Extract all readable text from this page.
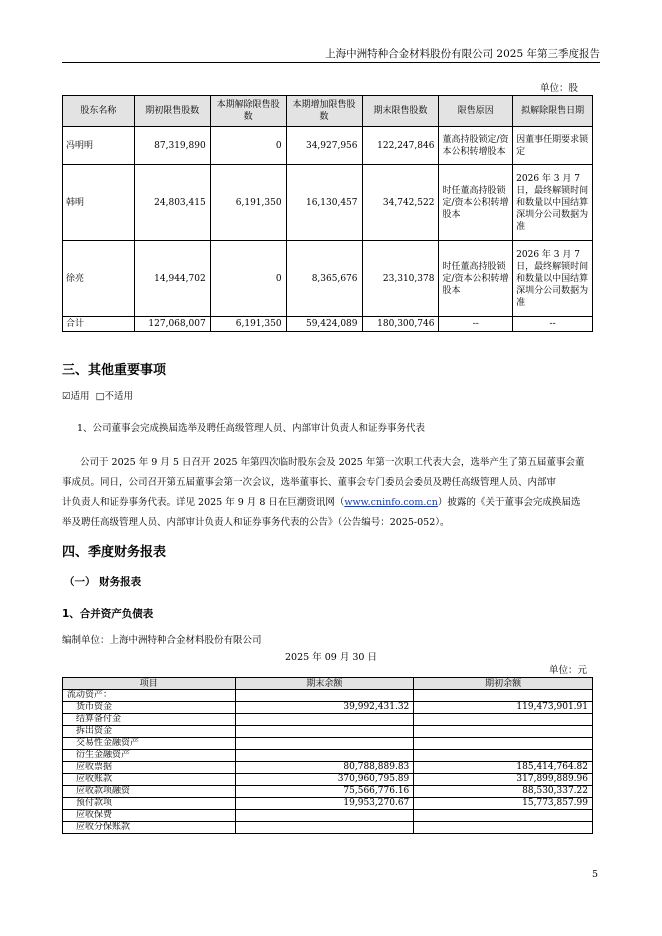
上海中洲特种合金材料股份有限公司 2025 年第三季度报告
单位：股
股东名称	期初限售股数	本期解除限售股数	本期增加限售股数	期末限售股数	限售原因	拟解除限售日期
冯明明	87,319,890	0	34,927,956	122,247,846	董高持股锁定/资本公积转增股本	因董事任期要求锁定
韩明	24,803,415	6,191,350	16,130,457	34,742,522	时任董高持股锁定/资本公积转增股本	2026 年 3 月 7 日，最终解锁时间和数量以中国结算深圳分公司数据为准
徐亮	14,944,702	0	8,365,676	23,310,378	时任董高持股锁定/资本公积转增股本	2026 年 3 月 7 日，最终解锁时间和数量以中国结算深圳分公司数据为准
合计	127,068,007	6,191,350	59,424,089	180,300,746	--	--
三、其他重要事项
☑适用 □不适用
1、公司董事会完成换届选举及聘任高级管理人员、内部审计负责人和证券事务代表
公司于 2025 年 9 月 5 日召开 2025 年第四次临时股东会及 2025 年第一次职工代表大会，选举产生了第五届董事会董
事成员。同日，公司召开第五届董事会第一次会议，选举董事长、董事会专门委员会委员及聘任高级管理人员、内部审
计负责人和证券事务代表。详见 2025 年 9 月 8 日在巨潮资讯网（www.cninfo.com.cn）披露的《关于董事会完成换届选
举及聘任高级管理人员、内部审计负责人和证券事务代表的公告》（公告编号：2025-052）。
四、季度财务报表
（一） 财务报表
1、合并资产负债表
编制单位：上海中洲特种合金材料股份有限公司
2025 年 09 月 30 日
单位：元
项目	期末余额	期初余额
流动资产：		
货币资金	39,992,431.32	119,473,901.91
结算备付金		
拆出资金		
交易性金融资产		
衍生金融资产		
应收票据	80,788,889.83	185,414,764.82
应收账款	370,960,795.89	317,899,889.96
应收款项融资	75,566,776.16	88,530,337.22
预付款项	19,953,270.67	15,773,857.99
应收保费		
应收分保账款		
5
